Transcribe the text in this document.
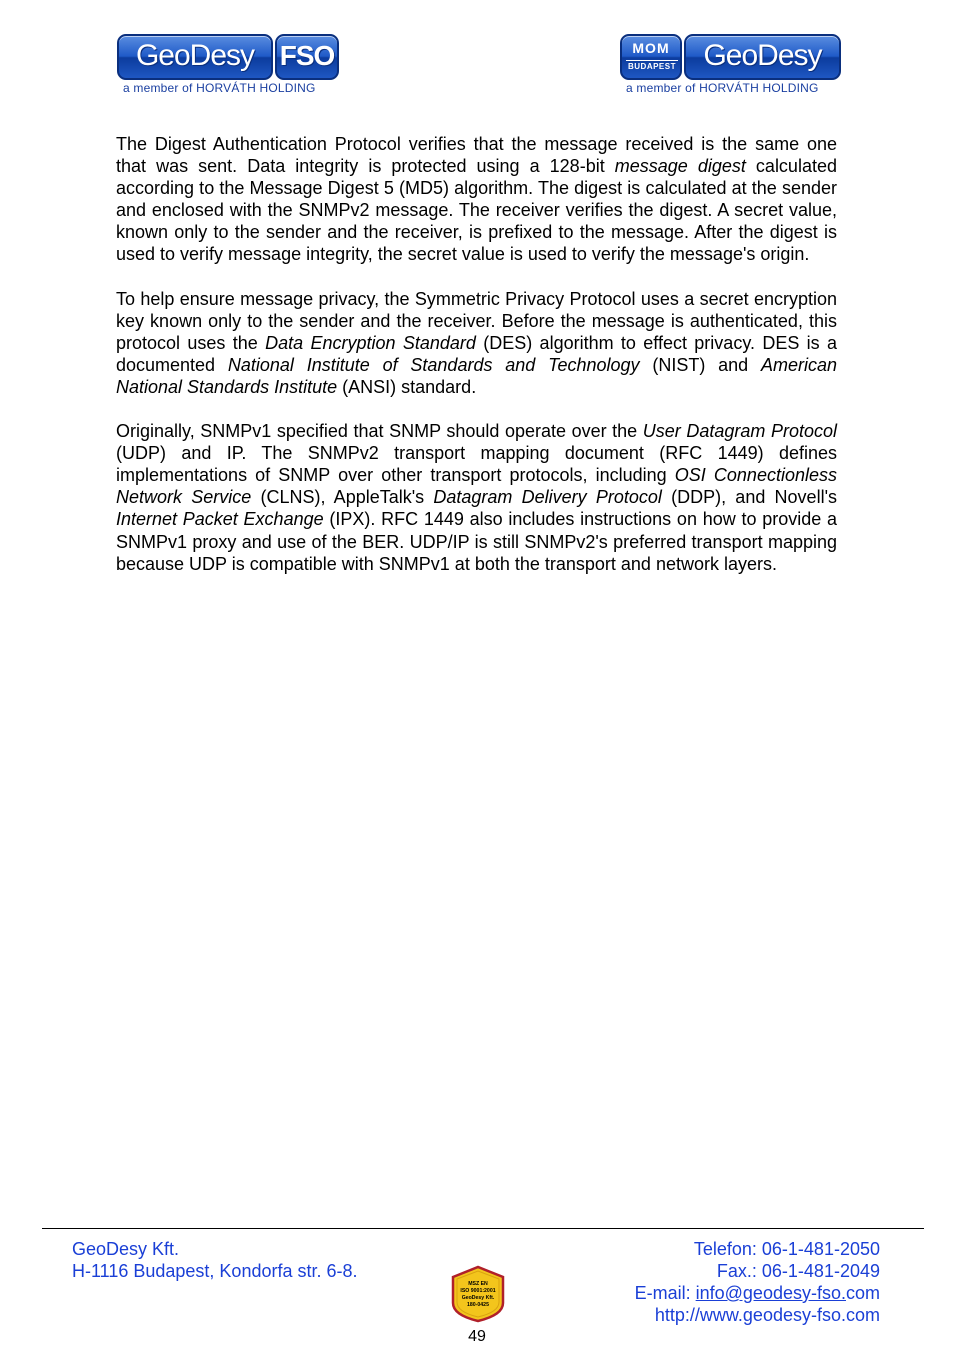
GeoDesy FSO
a member of HORVÁTH HOLDING
MOM
BUDAPEST GeoDesy
a member of HORVÁTH HOLDING

The Digest Authentication Protocol verifies that the message received is the same one that was sent. Data integrity is protected using a 128-bit message digest calculated according to the Message Digest 5 (MD5) algorithm. The digest is calculated at the sender and enclosed with the SNMPv2 message. The receiver verifies the digest. A secret value, known only to the sender and the receiver, is prefixed to the message. After the digest is used to verify message integrity, the secret value is used to verify the message's origin.

To help ensure message privacy, the Symmetric Privacy Protocol uses a secret encryption key known only to the sender and the receiver. Before the message is authenticated, this protocol uses the Data Encryption Standard (DES) algorithm to effect privacy. DES is a documented National Institute of Standards and Technology (NIST) and American National Standards Institute (ANSI) standard.

Originally, SNMPv1 specified that SNMP should operate over the User Datagram Protocol (UDP) and IP. The SNMPv2 transport mapping document (RFC 1449) defines implementations of SNMP over other transport protocols, including OSI Connectionless Network Service (CLNS), AppleTalk's Datagram Delivery Protocol (DDP), and Novell's Internet Packet Exchange (IPX). RFC 1449 also includes instructions on how to provide a SNMPv1 proxy and use of the BER. UDP/IP is still SNMPv2's preferred transport mapping because UDP is compatible with SNMPv1 at both the transport and network layers.

GeoDesy Kft.
H-1116 Budapest, Kondorfa str. 6-8.
Telefon: 06-1-481-2050
Fax.: 06-1-481-2049
E-mail: info@geodesy-fso.com
http://www.geodesy-fso.com
MSZ EN
ISO 9001:2001
GeoDesy Kft.
180-0425
49
